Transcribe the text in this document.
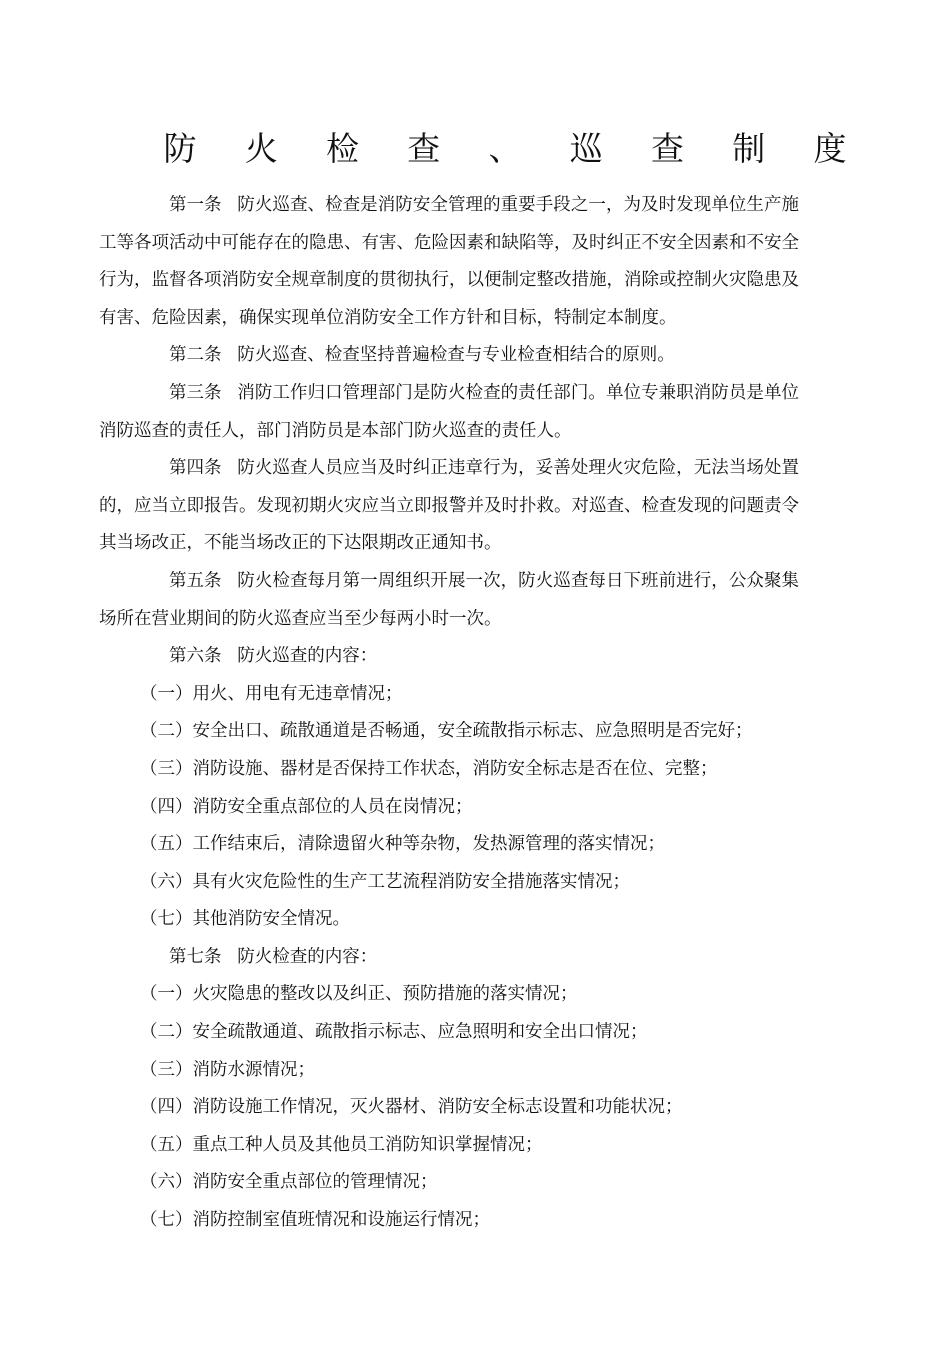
防 火 检 查 、 巡 查 制 度

第一条 防火巡查、检查是消防安全管理的重要手段之一，为及时发现单位生产施工等各项活动中可能存在的隐患、有害、危险因素和缺陷等，及时纠正不安全因素和不安全行为，监督各项消防安全规章制度的贯彻执行，以便制定整改措施，消除或控制火灾隐患及有害、危险因素，确保实现单位消防安全工作方针和目标，特制定本制度。

第二条 防火巡查、检查坚持普遍检查与专业检查相结合的原则。

第三条 消防工作归口管理部门是防火检查的责任部门。单位专兼职消防员是单位消防巡查的责任人，部门消防员是本部门防火巡查的责任人。

第四条 防火巡查人员应当及时纠正违章行为，妥善处理火灾危险，无法当场处置的，应当立即报告。发现初期火灾应当立即报警并及时扑救。对巡查、检查发现的问题责令其当场改正，不能当场改正的下达限期改正通知书。

第五条 防火检查每月第一周组织开展一次，防火巡查每日下班前进行，公众聚集场所在营业期间的防火巡查应当至少每两小时一次。

第六条 防火巡查的内容：

（一）用火、用电有无违章情况；

（二）安全出口、疏散通道是否畅通，安全疏散指示标志、应急照明是否完好；

（三）消防设施、器材是否保持工作状态，消防安全标志是否在位、完整；

（四）消防安全重点部位的人员在岗情况；

（五）工作结束后，清除遗留火种等杂物，发热源管理的落实情况；

（六）具有火灾危险性的生产工艺流程消防安全措施落实情况；

（七）其他消防安全情况。

第七条 防火检查的内容：

（一）火灾隐患的整改以及纠正、预防措施的落实情况；

（二）安全疏散通道、疏散指示标志、应急照明和安全出口情况；

（三）消防水源情况；

（四）消防设施工作情况，灭火器材、消防安全标志设置和功能状况；

（五）重点工种人员及其他员工消防知识掌握情况；

（六）消防安全重点部位的管理情况；

（七）消防控制室值班情况和设施运行情况；
